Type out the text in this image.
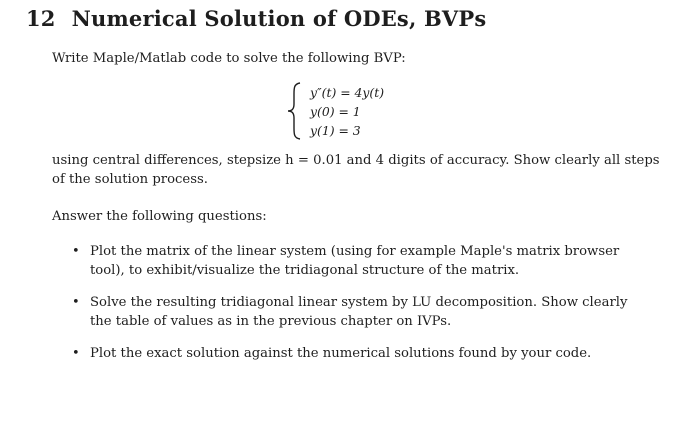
12 Numerical Solution of ODEs, BVPs
Write Maple/Matlab code to solve the following BVP:
y″(t) = 4y(t)
y(0) = 1
y(1) = 3
using central differences, stepsize h = 0.01 and 4 digits of accuracy. Show clearly all steps
of the solution process.
Answer the following questions:
• Plot the matrix of the linear system (using for example Maple's matrix browser
tool), to exhibit/visualize the tridiagonal structure of the matrix.
• Solve the resulting tridiagonal linear system by LU decomposition. Show clearly
the table of values as in the previous chapter on IVPs.
• Plot the exact solution against the numerical solutions found by your code.
